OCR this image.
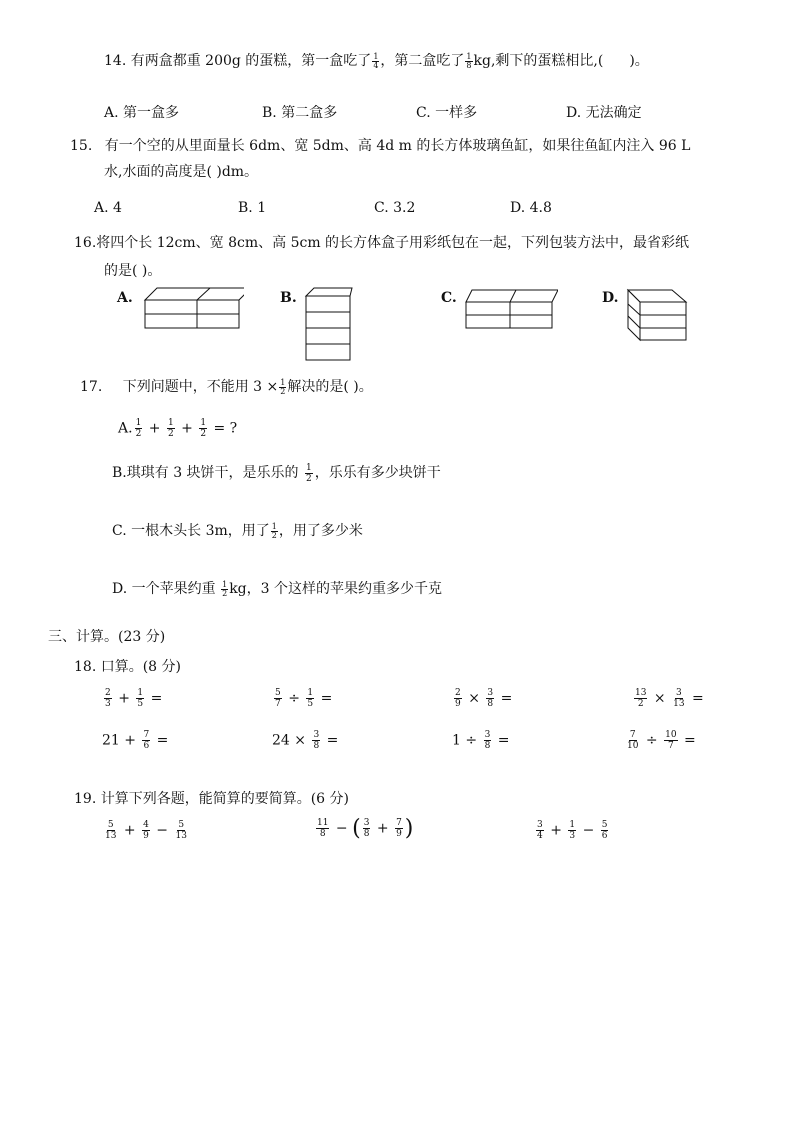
14. 有两盒都重 200g 的蛋糕，第一盒吃了 $\frac{1}{4}$ ，第二盒吃了 $\frac{1}{8}$ kg,剩下的蛋糕相比,( )。
A. 第一盒多	B. 第二盒多	C. 一样多	D. 无法确定
15. 有一个空的从里面量长 6dm、宽 5dm、高 4d m 的长方体玻璃鱼缸，如果往鱼缸内注入 96 L
水,水面的高度是( )dm。
A. 4	B. 1	C. 3.2	D. 4.8
16.将四个长 12cm、宽 8cm、高 5cm 的长方体盒子用彩纸包在一起，下列包装方法中，最省彩纸
的是( )。
A.	B.	C.	D.
17. 下列问题中，不能用 $3 \times \frac{1}{2}$ 解决的是( )。
A. $\frac{1}{2} + \frac{1}{2} + \frac{1}{2}$ = ?
B.琪琪有 3 块饼干，是乐乐的 $\frac{1}{2}$ ，乐乐有多少块饼干
C. 一根木头长 3m，用了 $\frac{1}{2}$ ，用了多少米
D. 一个苹果约重 $\frac{1}{2}$ kg，3 个这样的苹果约重多少千克
三、计算。(23 分)
18. 口算。(8 分)
$\frac{2}{3} + \frac{1}{5}$ =	$\frac{5}{7} \div \frac{1}{5}$ =	$\frac{2}{9} \times \frac{3}{8}$ =	$\frac{13}{2} \times \frac{3}{13}$ =
$21 + \frac{7}{6}$ =	$24 \times \frac{3}{8}$ =	$1 \div \frac{3}{8}$ =	$\frac{7}{10} \div \frac{10}{7}$ =
19. 计算下列各题，能简算的要简算。(6 分)
$\frac{5}{13} + \frac{4}{9} - \frac{5}{13}$	$\frac{11}{8}$ − ( $\frac{3}{8} + \frac{7}{9}$ )	$\frac{3}{4} + \frac{1}{3} - \frac{5}{6}$
